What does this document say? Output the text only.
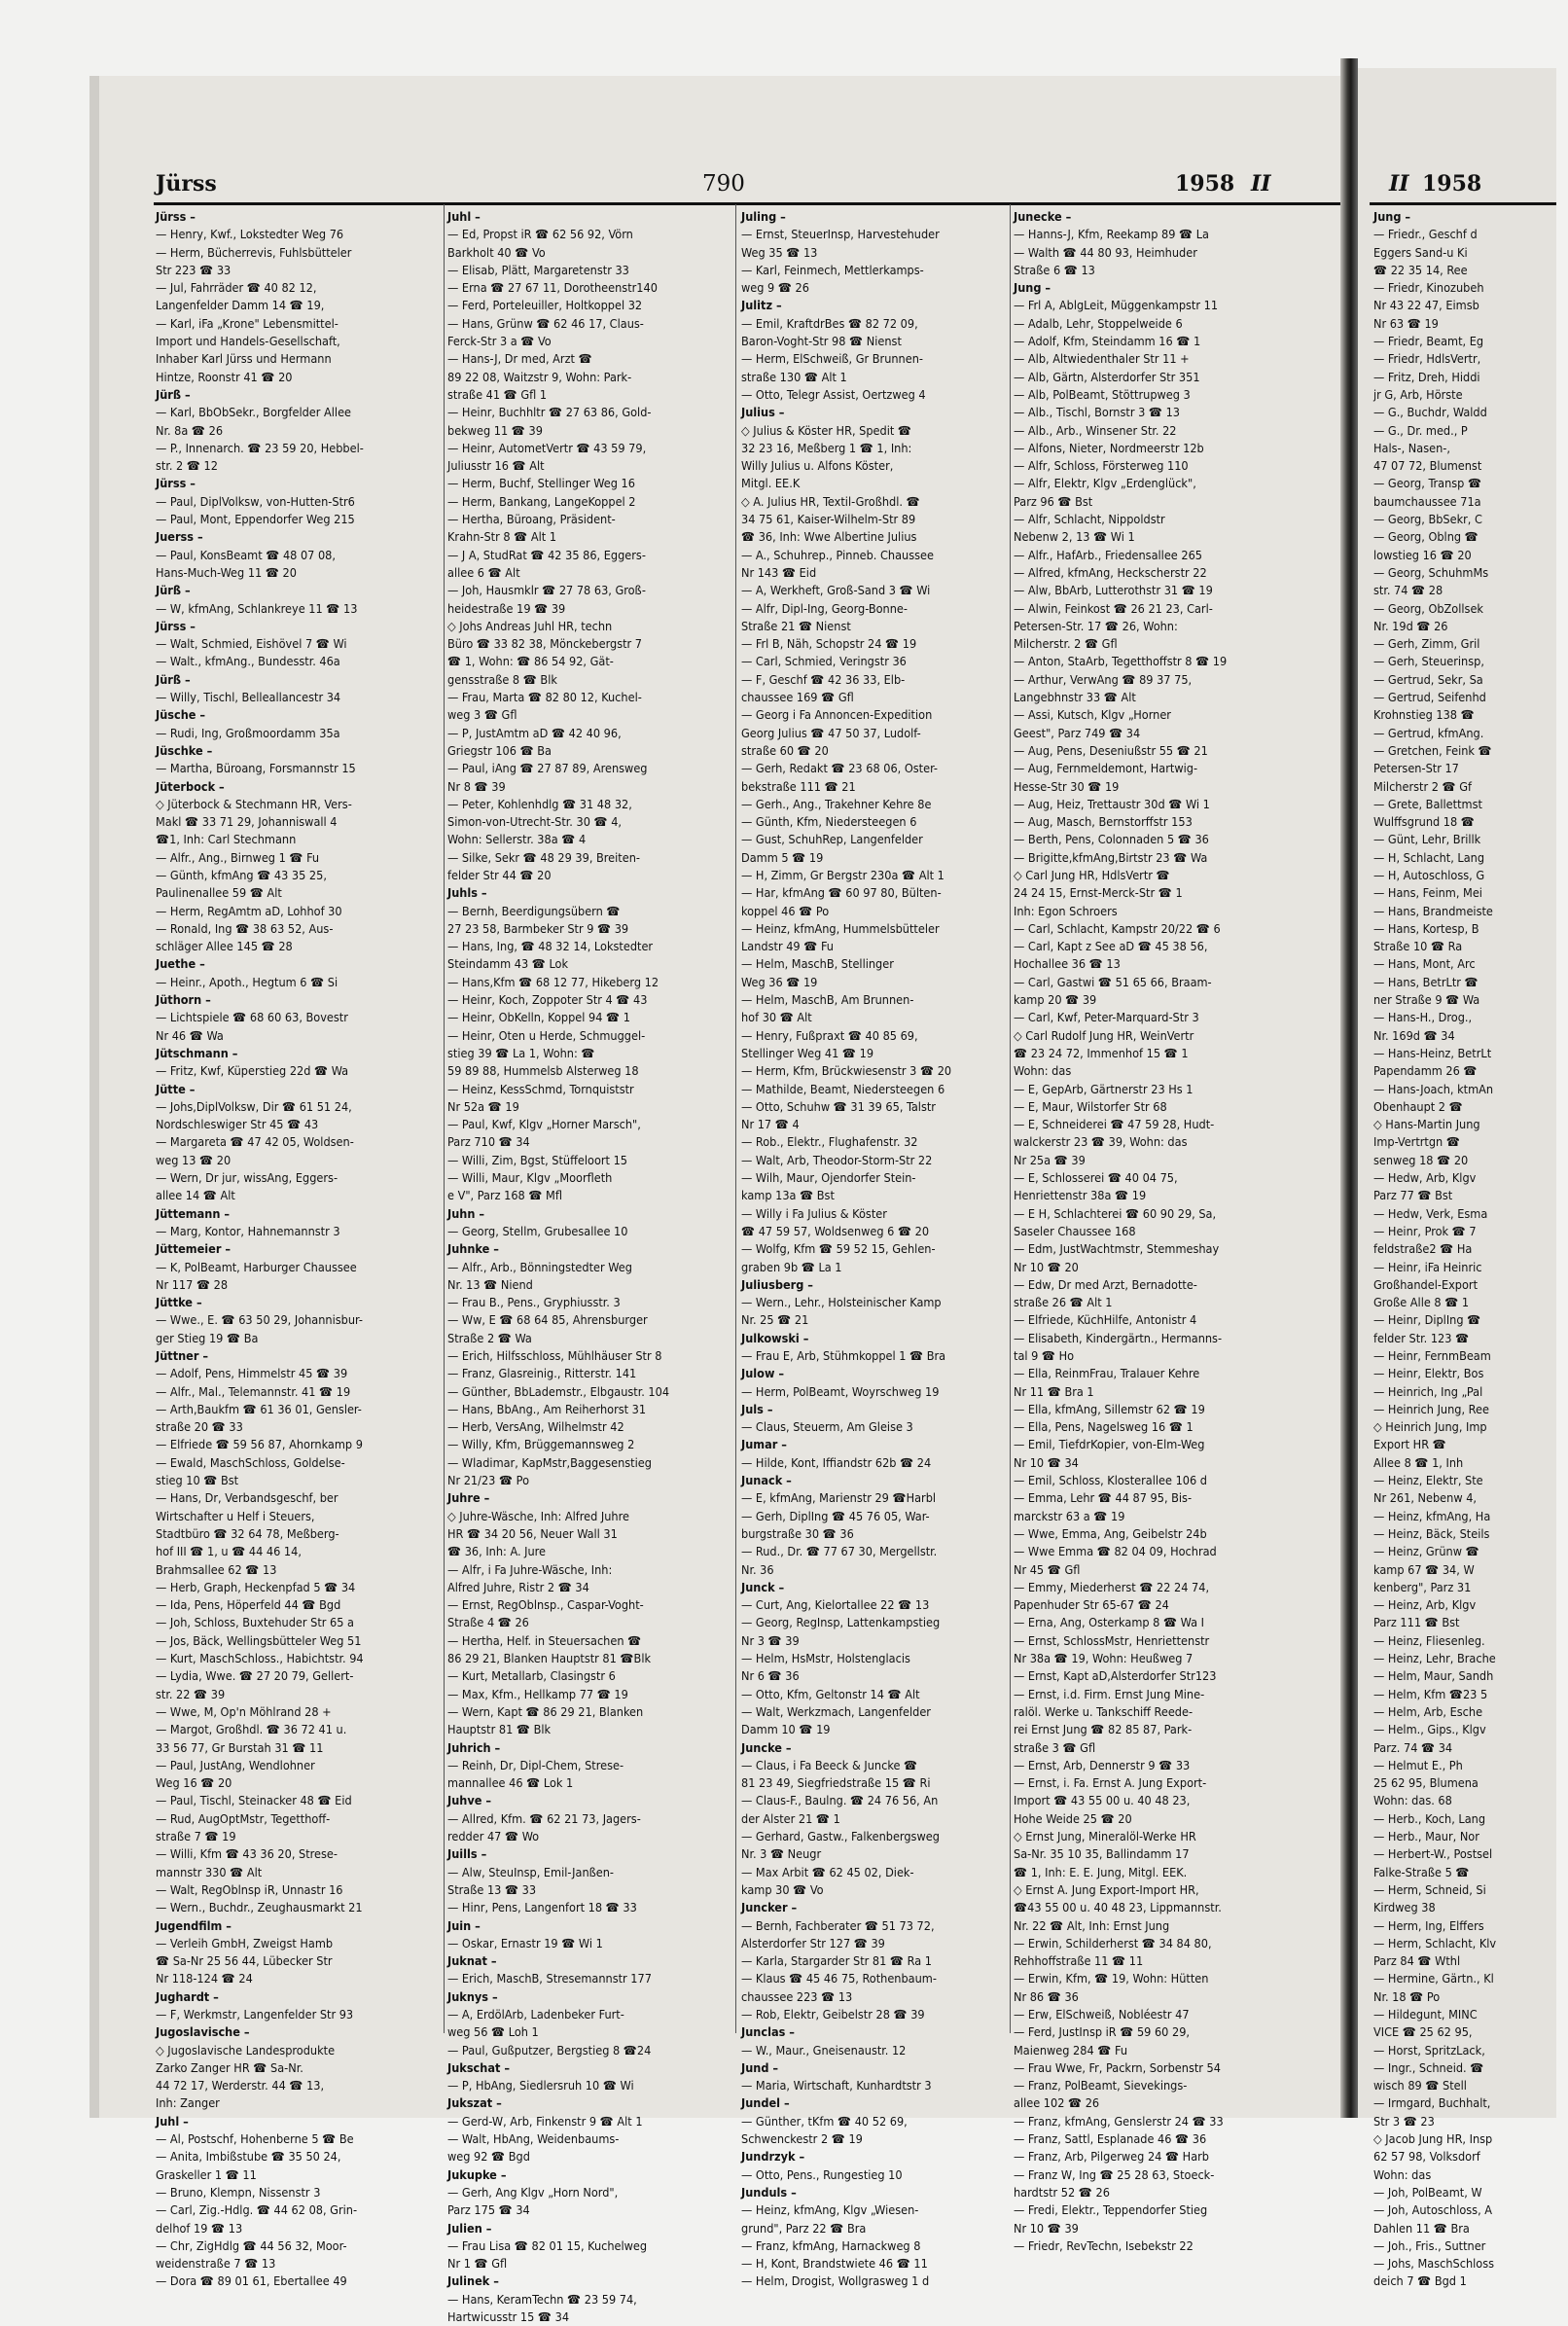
Jürss	790	1958 II	II 1958
Jürss –
— Henry, Kwf., Lokstedter Weg 76
— Herm, Bücherrevis, Fuhlsbütteler
Str 223 ☎ 33
— Jul, Fahrräder ☎ 40 82 12,
Langenfelder Damm 14 ☎ 19,
— Karl, iFa „Krone" Lebensmittel-
Import und Handels-Gesellschaft,
Inhaber Karl Jürss und Hermann
Hintze, Roonstr 41 ☎ 20
Jürß –
— Karl, BbObSekr., Borgfelder Allee
Nr. 8a ☎ 26
— P., Innenarch. ☎ 23 59 20, Hebbel-
str. 2 ☎ 12
Jürss –
— Paul, DiplVolksw, von-Hutten-Str6
— Paul, Mont, Eppendorfer Weg 215
Juerss –
— Paul, KonsBeamt ☎ 48 07 08,
Hans-Much-Weg 11 ☎ 20
Jürß –
— W, kfmAng, Schlankreye 11 ☎ 13
Jürss –
— Walt, Schmied, Eishövel 7 ☎ Wi
— Walt., kfmAng., Bundesstr. 46a
Jürß –
— Willy, Tischl, Belleallancestr 34
Jüsche –
— Rudi, Ing, Großmoordamm 35a
Jüschke –
— Martha, Büroang, Forsmannstr 15
Jüterbock –
◇ Jüterbock & Stechmann HR, Vers-
Makl ☎ 33 71 29, Johanniswall 4
☎1, Inh: Carl Stechmann
— Alfr., Ang., Birnweg 1 ☎ Fu
— Günth, kfmAng ☎ 43 35 25,
Paulinenallee 59 ☎ Alt
— Herm, RegAmtm aD, Lohhof 30
— Ronald, Ing ☎ 38 63 52, Aus-
schläger Allee 145 ☎ 28
Juethe –
— Heinr., Apoth., Hegtum 6 ☎ Si
Jüthorn –
— Lichtspiele ☎ 68 60 63, Bovestr
Nr 46 ☎ Wa
Jütschmann –
— Fritz, Kwf, Küperstieg 22d ☎ Wa
Jütte –
— Johs,DiplVolksw, Dir ☎ 61 51 24,
Nordschleswiger Str 45 ☎ 43
— Margareta ☎ 47 42 05, Woldsen-
weg 13 ☎ 20
— Wern, Dr jur, wissAng, Eggers-
allee 14 ☎ Alt
Jüttemann –
— Marg, Kontor, Hahnemannstr 3
Jüttemeier –
— K, PolBeamt, Harburger Chaussee
Nr 117 ☎ 28
Jüttke –
— Wwe., E. ☎ 63 50 29, Johannisbur-
ger Stieg 19 ☎ Ba
Jüttner –
— Adolf, Pens, Himmelstr 45 ☎ 39
— Alfr., Mal., Telemannstr. 41 ☎ 19
— Arth,Baukfm ☎ 61 36 01, Gensler-
straße 20 ☎ 33
— Elfriede ☎ 59 56 87, Ahornkamp 9
— Ewald, MaschSchloss, Goldelse-
stieg 10 ☎ Bst
— Hans, Dr, Verbandsgeschf, ber
Wirtschafter u Helf i Steuers,
Stadtbüro ☎ 32 64 78, Meßberg-
hof III ☎ 1, u ☎ 44 46 14,
Brahmsallee 62 ☎ 13
— Herb, Graph, Heckenpfad 5 ☎ 34
— Ida, Pens, Höperfeld 44 ☎ Bgd
— Joh, Schloss, Buxtehuder Str 65 a
— Jos, Bäck, Wellingsbütteler Weg 51
— Kurt, MaschSchloss., Habichtstr. 94
— Lydia, Wwe. ☎ 27 20 79, Gellert-
str. 22 ☎ 39
— Wwe, M, Op'n Möhlrand 28 +
— Margot, Großhdl. ☎ 36 72 41 u.
33 56 77, Gr Burstah 31 ☎ 11
— Paul, JustAng, Wendlohner
Weg 16 ☎ 20
— Paul, Tischl, Steinacker 48 ☎ Eid
— Rud, AugOptMstr, Tegetthoff-
straße 7 ☎ 19
— Willi, Kfm ☎ 43 36 20, Strese-
mannstr 330 ☎ Alt
— Walt, RegOblnsp iR, Unnastr 16
— Wern., Buchdr., Zeughausmarkt 21
Jugendfilm –
— Verleih GmbH, Zweigst Hamb
☎ Sa-Nr 25 56 44, Lübecker Str
Nr 118-124 ☎ 24
Jughardt –
— F, Werkmstr, Langenfelder Str 93
Jugoslavische –
◇ Jugoslavische Landesprodukte
Zarko Zanger HR ☎ Sa-Nr.
44 72 17, Werderstr. 44 ☎ 13,
Inh: Zanger
Juhl –
— Al, Postschf, Hohenberne 5 ☎ Be
— Anita, Imbißstube ☎ 35 50 24,
Graskeller 1 ☎ 11
— Bruno, Klempn, Nissenstr 3
— Carl, Zig.-Hdlg. ☎ 44 62 08, Grin-
delhof 19 ☎ 13
— Chr, ZigHdlg ☎ 44 56 32, Moor-
weidenstraße 7 ☎ 13
— Dora ☎ 89 01 61, Ebertallee 49
Juhl –
— Ed, Propst iR ☎ 62 56 92, Vörn
Barkholt 40 ☎ Vo
— Elisab, Plätt, Margaretenstr 33
— Erna ☎ 27 67 11, Dorotheenstr140
— Ferd, Porteleuiller, Holtkoppel 32
— Hans, Grünw ☎ 62 46 17, Claus-
Ferck-Str 3 a ☎ Vo
— Hans-J, Dr med, Arzt ☎
89 22 08, Waitzstr 9, Wohn: Park-
straße 41 ☎ Gfl 1
— Heinr, Buchhltr ☎ 27 63 86, Gold-
bekweg 11 ☎ 39
— Heinr, AutometVertr ☎ 43 59 79,
Juliusstr 16 ☎ Alt
— Herm, Buchf, Stellinger Weg 16
— Herm, Bankang, LangeKoppel 2
— Hertha, Büroang, Präsident-
Krahn-Str 8 ☎ Alt 1
— J A, StudRat ☎ 42 35 86, Eggers-
allee 6 ☎ Alt
— Joh, Hausmklr ☎ 27 78 63, Groß-
heidestraße 19 ☎ 39
◇ Johs Andreas Juhl HR, techn
Büro ☎ 33 82 38, Mönckebergstr 7
☎ 1, Wohn: ☎ 86 54 92, Gät-
gensstraße 8 ☎ Blk
— Frau, Marta ☎ 82 80 12, Kuchel-
weg 3 ☎ Gfl
— P, JustAmtm aD ☎ 42 40 96,
Griegstr 106 ☎ Ba
— Paul, iAng ☎ 27 87 89, Arensweg
Nr 8 ☎ 39
— Peter, Kohlenhdlg ☎ 31 48 32,
Simon-von-Utrecht-Str. 30 ☎ 4,
Wohn: Sellerstr. 38a ☎ 4
— Silke, Sekr ☎ 48 29 39, Breiten-
felder Str 44 ☎ 20
Juhls –
— Bernh, Beerdigungsübern ☎
27 23 58, Barmbeker Str 9 ☎ 39
— Hans, Ing, ☎ 48 32 14, Lokstedter
Steindamm 43 ☎ Lok
— Hans,Kfm ☎ 68 12 77, Hikeberg 12
— Heinr, Koch, Zoppoter Str 4 ☎ 43
— Heinr, ObKelln, Koppel 94 ☎ 1
— Heinr, Oten u Herde, Schmuggel-
stieg 39 ☎ La 1, Wohn: ☎
59 89 88, Hummelsb Alsterweg 18
— Heinz, KessSchmd, Tornquiststr
Nr 52a ☎ 19
— Paul, Kwf, Klgv „Horner Marsch",
Parz 710 ☎ 34
— Willi, Zim, Bgst, Stüffeloort 15
— Willi, Maur, Klgv „Moorfleth
e V", Parz 168 ☎ Mfl
Juhn –
— Georg, Stellm, Grubesallee 10
Juhnke –
— Alfr., Arb., Bönningstedter Weg
Nr. 13 ☎ Niend
— Frau B., Pens., Gryphiusstr. 3
— Ww, E ☎ 68 64 85, Ahrensburger
Straße 2 ☎ Wa
— Erich, Hilfsschloss, Mühlhäuser Str 8
— Franz, Glasreinig., Ritterstr. 141
— Günther, BbLademstr., Elbgaustr. 104
— Hans, BbAng., Am Reiherhorst 31
— Herb, VersAng, Wilhelmstr 42
— Willy, Kfm, Brüggemannsweg 2
— Wladimar, KapMstr,Baggesenstieg
Nr 21/23 ☎ Po
Juhre –
◇ Juhre-Wäsche, Inh: Alfred Juhre
HR ☎ 34 20 56, Neuer Wall 31
☎ 36, Inh: A. Jure
— Alfr, i Fa Juhre-Wäsche, Inh:
Alfred Juhre, Ristr 2 ☎ 34
— Ernst, RegOblnsp., Caspar-Voght-
Straße 4 ☎ 26
— Hertha, Helf. in Steuersachen ☎
86 29 21, Blanken Hauptstr 81 ☎Blk
— Kurt, Metallarb, Clasingstr 6
— Max, Kfm., Hellkamp 77 ☎ 19
— Wern, Kapt ☎ 86 29 21, Blanken
Hauptstr 81 ☎ Blk
Juhrich –
— Reinh, Dr, Dipl-Chem, Strese-
mannallee 46 ☎ Lok 1
Juhve –
— Allred, Kfm. ☎ 62 21 73, Jagers-
redder 47 ☎ Wo
Juills –
— Alw, SteuInsp, Emil-Janßen-
Straße 13 ☎ 33
— Hinr, Pens, Langenfort 18 ☎ 33
Juin –
— Oskar, Ernastr 19 ☎ Wi 1
Juknat –
— Erich, MaschB, Stresemannstr 177
Juknys –
— A, ErdölArb, Ladenbeker Furt-
weg 56 ☎ Loh 1
— Paul, Gußputzer, Bergstieg 8 ☎24
Jukschat –
— P, HbAng, Siedlersruh 10 ☎ Wi
Jukszat –
— Gerd-W, Arb, Finkenstr 9 ☎ Alt 1
— Walt, HbAng, Weidenbaums-
weg 92 ☎ Bgd
Jukupke –
— Gerh, Ang Klgv „Horn Nord",
Parz 175 ☎ 34
Julien –
— Frau Lisa ☎ 82 01 15, Kuchelweg
Nr 1 ☎ Gfl
Julinek –
— Hans, KeramTechn ☎ 23 59 74,
Hartwicusstr 15 ☎ 34
Juling –
— Ernst, SteuerInsp, Harvestehuder
Weg 35 ☎ 13
— Karl, Feinmech, Mettlerkamps-
weg 9 ☎ 26
Julitz –
— Emil, KraftdrBes ☎ 82 72 09,
Baron-Voght-Str 98 ☎ Nienst
— Herm, ElSchweiß, Gr Brunnen-
straße 130 ☎ Alt 1
— Otto, Telegr Assist, Oertzweg 4
Julius –
◇ Julius & Köster HR, Spedit ☎
32 23 16, Meßberg 1 ☎ 1, Inh:
Willy Julius u. Alfons Köster,
Mitgl. EE.K
◇ A. Julius HR, Textil-Großhdl. ☎
34 75 61, Kaiser-Wilhelm-Str 89
☎ 36, Inh: Wwe Albertine Julius
— A., Schuhrep., Pinneb. Chaussee
Nr 143 ☎ Eid
— A, Werkheft, Groß-Sand 3 ☎ Wi
— Alfr, Dipl-Ing, Georg-Bonne-
Straße 21 ☎ Nienst
— Frl B, Näh, Schopstr 24 ☎ 19
— Carl, Schmied, Veringstr 36
— F, Geschf ☎ 42 36 33, Elb-
chaussee 169 ☎ Gfl
— Georg i Fa Annoncen-Expedition
Georg Julius ☎ 47 50 37, Ludolf-
straße 60 ☎ 20
— Gerh, Redakt ☎ 23 68 06, Oster-
bekstraße 111 ☎ 21
— Gerh., Ang., Trakehner Kehre 8e
— Günth, Kfm, Niedersteegen 6
— Gust, SchuhRep, Langenfelder
Damm 5 ☎ 19
— H, Zimm, Gr Bergstr 230a ☎ Alt 1
— Har, kfmAng ☎ 60 97 80, Bülten-
koppel 46 ☎ Po
— Heinz, kfmAng, Hummelsbütteler
Landstr 49 ☎ Fu
— Helm, MaschB, Stellinger
Weg 36 ☎ 19
— Helm, MaschB, Am Brunnen-
hof 30 ☎ Alt
— Henry, Fußpraxt ☎ 40 85 69,
Stellinger Weg 41 ☎ 19
— Herm, Kfm, Brückwiesenstr 3 ☎ 20
— Mathilde, Beamt, Niedersteegen 6
— Otto, Schuhw ☎ 31 39 65, Talstr
Nr 17 ☎ 4
— Rob., Elektr., Flughafenstr. 32
— Walt, Arb, Theodor-Storm-Str 22
— Wilh, Maur, Ojendorfer Stein-
kamp 13a ☎ Bst
— Willy i Fa Julius & Köster
☎ 47 59 57, Woldsenweg 6 ☎ 20
— Wolfg, Kfm ☎ 59 52 15, Gehlen-
graben 9b ☎ La 1
Juliusberg –
— Wern., Lehr., Holsteinischer Kamp
Nr. 25 ☎ 21
Julkowski –
— Frau E, Arb, Stühmkoppel 1 ☎ Bra
Julow –
— Herm, PolBeamt, Woyrschweg 19
Juls –
— Claus, Steuerm, Am Gleise 3
Jumar –
— Hilde, Kont, Iffiandstr 62b ☎ 24
Junack –
— E, kfmAng, Marienstr 29 ☎Harbl
— Gerh, DiplIng ☎ 45 76 05, War-
burgstraße 30 ☎ 36
— Rud., Dr. ☎ 77 67 30, Mergellstr.
Nr. 36
Junck –
— Curt, Ang, Kielortallee 22 ☎ 13
— Georg, RegInsp, Lattenkampstieg
Nr 3 ☎ 39
— Helm, HsMstr, Holstenglacis
Nr 6 ☎ 36
— Otto, Kfm, Geltonstr 14 ☎ Alt
— Walt, Werkzmach, Langenfelder
Damm 10 ☎ 19
Juncke –
— Claus, i Fa Beeck & Juncke ☎
81 23 49, Siegfriedstraße 15 ☎ Ri
— Claus-F., Baulng. ☎ 24 76 56, An
der Alster 21 ☎ 1
— Gerhard, Gastw., Falkenbergsweg
Nr. 3 ☎ Neugr
— Max Arbit ☎ 62 45 02, Diek-
kamp 30 ☎ Vo
Juncker –
— Bernh, Fachberater ☎ 51 73 72,
Alsterdorfer Str 127 ☎ 39
— Karla, Stargarder Str 81 ☎ Ra 1
— Klaus ☎ 45 46 75, Rothenbaum-
chaussee 223 ☎ 13
— Rob, Elektr, Geibelstr 28 ☎ 39
Junclas –
— W., Maur., Gneisenaustr. 12
Jund –
— Maria, Wirtschaft, Kunhardtstr 3
Jundel –
— Günther, tKfm ☎ 40 52 69,
Schwenckestr 2 ☎ 19
Jundrzyk –
— Otto, Pens., Rungestieg 10
Junduls –
— Heinz, kfmAng, Klgv „Wiesen-
grund", Parz 22 ☎ Bra
— Franz, kfmAng, Harnackweg 8
— H, Kont, Brandstwiete 46 ☎ 11
— Helm, Drogist, Wollgrasweg 1 d
Junecke –
— Hanns-J, Kfm, Reekamp 89 ☎ La
— Walth ☎ 44 80 93, Heimhuder
Straße 6 ☎ 13
Jung –
— Frl A, AblgLeit, Müggenkampstr 11
— Adalb, Lehr, Stoppelweide 6
— Adolf, Kfm, Steindamm 16 ☎ 1
— Alb, Altwiedenthaler Str 11 +
— Alb, Gärtn, Alsterdorfer Str 351
— Alb, PolBeamt, Stöttrupweg 3
— Alb., Tischl, Bornstr 3 ☎ 13
— Alb., Arb., Winsener Str. 22
— Alfons, Nieter, Nordmeerstr 12b
— Alfr, Schloss, Försterweg 110
— Alfr, Elektr, Klgv „Erdenglück",
Parz 96 ☎ Bst
— Alfr, Schlacht, Nippoldstr
Nebenw 2, 13 ☎ Wi 1
— Alfr., HafArb., Friedensallee 265
— Alfred, kfmAng, Heckscherstr 22
— Alw, BbArb, Lutterothstr 31 ☎ 19
— Alwin, Feinkost ☎ 26 21 23, Carl-
Petersen-Str. 17 ☎ 26, Wohn:
Milcherstr. 2 ☎ Gfl
— Anton, StaArb, Tegetthoffstr 8 ☎ 19
— Arthur, VerwAng ☎ 89 37 75,
Langebhnstr 33 ☎ Alt
— Assi, Kutsch, Klgv „Horner
Geest", Parz 749 ☎ 34
— Aug, Pens, Deseniußstr 55 ☎ 21
— Aug, Fernmeldemont, Hartwig-
Hesse-Str 30 ☎ 19
— Aug, Heiz, Trettaustr 30d ☎ Wi 1
— Aug, Masch, Bernstorffstr 153
— Berth, Pens, Colonnaden 5 ☎ 36
— Brigitte,kfmAng,Birtstr 23 ☎ Wa
◇ Carl Jung HR, HdlsVertr ☎
24 24 15, Ernst-Merck-Str ☎ 1
Inh: Egon Schroers
— Carl, Schlacht, Kampstr 20/22 ☎ 6
— Carl, Kapt z See aD ☎ 45 38 56,
Hochallee 36 ☎ 13
— Carl, Gastwi ☎ 51 65 66, Braam-
kamp 20 ☎ 39
— Carl, Kwf, Peter-Marquard-Str 3
◇ Carl Rudolf Jung HR, WeinVertr
☎ 23 24 72, Immenhof 15 ☎ 1
Wohn: das
— E, GepArb, Gärtnerstr 23 Hs 1
— E, Maur, Wilstorfer Str 68
— E, Schneiderei ☎ 47 59 28, Hudt-
walckerstr 23 ☎ 39, Wohn: das
Nr 25a ☎ 39
— E, Schlosserei ☎ 40 04 75,
Henriettenstr 38a ☎ 19
— E H, Schlachterei ☎ 60 90 29, Sa,
Saseler Chaussee 168
— Edm, JustWachtmstr, Stemmeshay
Nr 10 ☎ 20
— Edw, Dr med Arzt, Bernadotte-
straße 26 ☎ Alt 1
— Elfriede, KüchHilfe, Antonistr 4
— Elisabeth, Kindergärtn., Hermanns-
tal 9 ☎ Ho
— Ella, ReinmFrau, Tralauer Kehre
Nr 11 ☎ Bra 1
— Ella, kfmAng, Sillemstr 62 ☎ 19
— Ella, Pens, Nagelsweg 16 ☎ 1
— Emil, TiefdrKopier, von-Elm-Weg
Nr 10 ☎ 34
— Emil, Schloss, Klosterallee 106 d
— Emma, Lehr ☎ 44 87 95, Bis-
marckstr 63 a ☎ 19
— Wwe, Emma, Ang, Geibelstr 24b
— Wwe Emma ☎ 82 04 09, Hochrad
Nr 45 ☎ Gfl
— Emmy, Miederherst ☎ 22 24 74,
Papenhuder Str 65-67 ☎ 24
— Erna, Ang, Osterkamp 8 ☎ Wa I
— Ernst, SchlossMstr, Henriettenstr
Nr 38a ☎ 19, Wohn: Heußweg 7
— Ernst, Kapt aD,Alsterdorfer Str123
— Ernst, i.d. Firm. Ernst Jung Mine-
ralöl. Werke u. Tankschiff Reede-
rei Ernst Jung ☎ 82 85 87, Park-
straße 3 ☎ Gfl
— Ernst, Arb, Dennerstr 9 ☎ 33
— Ernst, i. Fa. Ernst A. Jung Export-
Import ☎ 43 55 00 u. 40 48 23,
Hohe Weide 25 ☎ 20
◇ Ernst Jung, Mineralöl-Werke HR
Sa-Nr. 35 10 35, Ballindamm 17
☎ 1, Inh: E. E. Jung, Mitgl. EEK.
◇ Ernst A. Jung Export-Import HR,
☎43 55 00 u. 40 48 23, Lippmannstr.
Nr. 22 ☎ Alt, Inh: Ernst Jung
— Erwin, Schilderherst ☎ 34 84 80,
Rehhoffstraße 11 ☎ 11
— Erwin, Kfm, ☎ 19, Wohn: Hütten
Nr 86 ☎ 36
— Erw, ElSchweiß, Nobléestr 47
— Ferd, JustInsp iR ☎ 59 60 29,
Maienweg 284 ☎ Fu
— Frau Wwe, Fr, Packrn, Sorbenstr 54
— Franz, PolBeamt, Sievekings-
allee 102 ☎ 26
— Franz, kfmAng, Genslerstr 24 ☎ 33
— Franz, Sattl, Esplanade 46 ☎ 36
— Franz, Arb, Pilgerweg 24 ☎ Harb
— Franz W, Ing ☎ 25 28 63, Stoeck-
hardtstr 52 ☎ 26
— Fredi, Elektr., Teppendorfer Stieg
Nr 10 ☎ 39
— Friedr, RevTechn, Isebekstr 22
Jung –
— Friedr., Geschf d
Eggers Sand-u Ki
☎ 22 35 14, Ree
— Friedr, Kinozubeh
Nr 43 22 47, Eimsb
Nr 63 ☎ 19
— Friedr, Beamt, Eg
— Friedr, HdlsVertr,
— Fritz, Dreh, Hiddi
jr G, Arb, Hörste
— G., Buchdr, Waldd
— G., Dr. med., P
Hals-, Nasen-,
47 07 72, Blumenst
— Georg, Transp ☎
baumchaussee 71a
— Georg, BbSekr, C
— Georg, Oblng ☎
lowstieg 16 ☎ 20
— Georg, SchuhmMs
str. 74 ☎ 28
— Georg, ObZollsek
Nr. 19d ☎ 26
— Gerh, Zimm, Gril
— Gerh, Steuerinsp,
— Gertrud, Sekr, Sa
— Gertrud, Seifenhd
Krohnstieg 138 ☎
— Gertrud, kfmAng.
— Gretchen, Feink ☎
Petersen-Str 17
Milcherstr 2 ☎ Gf
— Grete, Ballettmst
Wulffsgrund 18 ☎
— Günt, Lehr, Brillk
— H, Schlacht, Lang
— H, Autoschloss, G
— Hans, Feinm, Mei
— Hans, Brandmeiste
— Hans, Kortesp, B
Straße 10 ☎ Ra
— Hans, Mont, Arc
— Hans, BetrLtr ☎
ner Straße 9 ☎ Wa
— Hans-H., Drog.,
Nr. 169d ☎ 34
— Hans-Heinz, BetrLt
Papendamm 26 ☎
— Hans-Joach, ktmAn
Obenhaupt 2 ☎
◇ Hans-Martin Jung
Imp-Vertrtgn ☎
senweg 18 ☎ 20
— Hedw, Arb, Klgv
Parz 77 ☎ Bst
— Hedw, Verk, Esma
— Heinr, Prok ☎ 7
feldstraße2 ☎ Ha
— Heinr, iFa Heinric
Großhandel-Export
Große Alle 8 ☎ 1
— Heinr, DiplIng ☎
felder Str. 123 ☎
— Heinr, FernmBeam
— Heinr, Elektr, Bos
— Heinrich, Ing „Pal
— Heinrich Jung, Ree
◇ Heinrich Jung, Imp
Export HR ☎
Allee 8 ☎ 1, Inh
— Heinz, Elektr, Ste
Nr 261, Nebenw 4,
— Heinz, kfmAng, Ha
— Heinz, Bäck, Steils
— Heinz, Grünw ☎
kamp 67 ☎ 34, W
kenberg", Parz 31
— Heinz, Arb, Klgv
Parz 111 ☎ Bst
— Heinz, Fliesenleg.
— Heinz, Lehr, Brache
— Helm, Maur, Sandh
— Helm, Kfm ☎23 5
— Helm, Arb, Esche
— Helm., Gips., Klgv
Parz. 74 ☎ 34
— Helmut E., Ph
25 62 95, Blumena
Wohn: das. 68
— Herb., Koch, Lang
— Herb., Maur, Nor
— Herbert-W., Postsel
Falke-Straße 5 ☎
— Herm, Schneid, Si
Kirdweg 38
— Herm, Ing, Elffers
— Herm, Schlacht, Klv
Parz 84 ☎ Wthl
— Hermine, Gärtn., Kl
Nr. 18 ☎ Po
— Hildegunt, MINC
VICE ☎ 25 62 95,
— Horst, SpritzLack,
— Ingr., Schneid. ☎
wisch 89 ☎ Stell
— Irmgard, Buchhalt,
Str 3 ☎ 23
◇ Jacob Jung HR, Insp
62 57 98, Volksdorf
Wohn: das
— Joh, PolBeamt, W
— Joh, Autoschloss, A
Dahlen 11 ☎ Bra
— Joh., Fris., Suttner
— Johs, MaschSchloss
deich 7 ☎ Bgd 1
